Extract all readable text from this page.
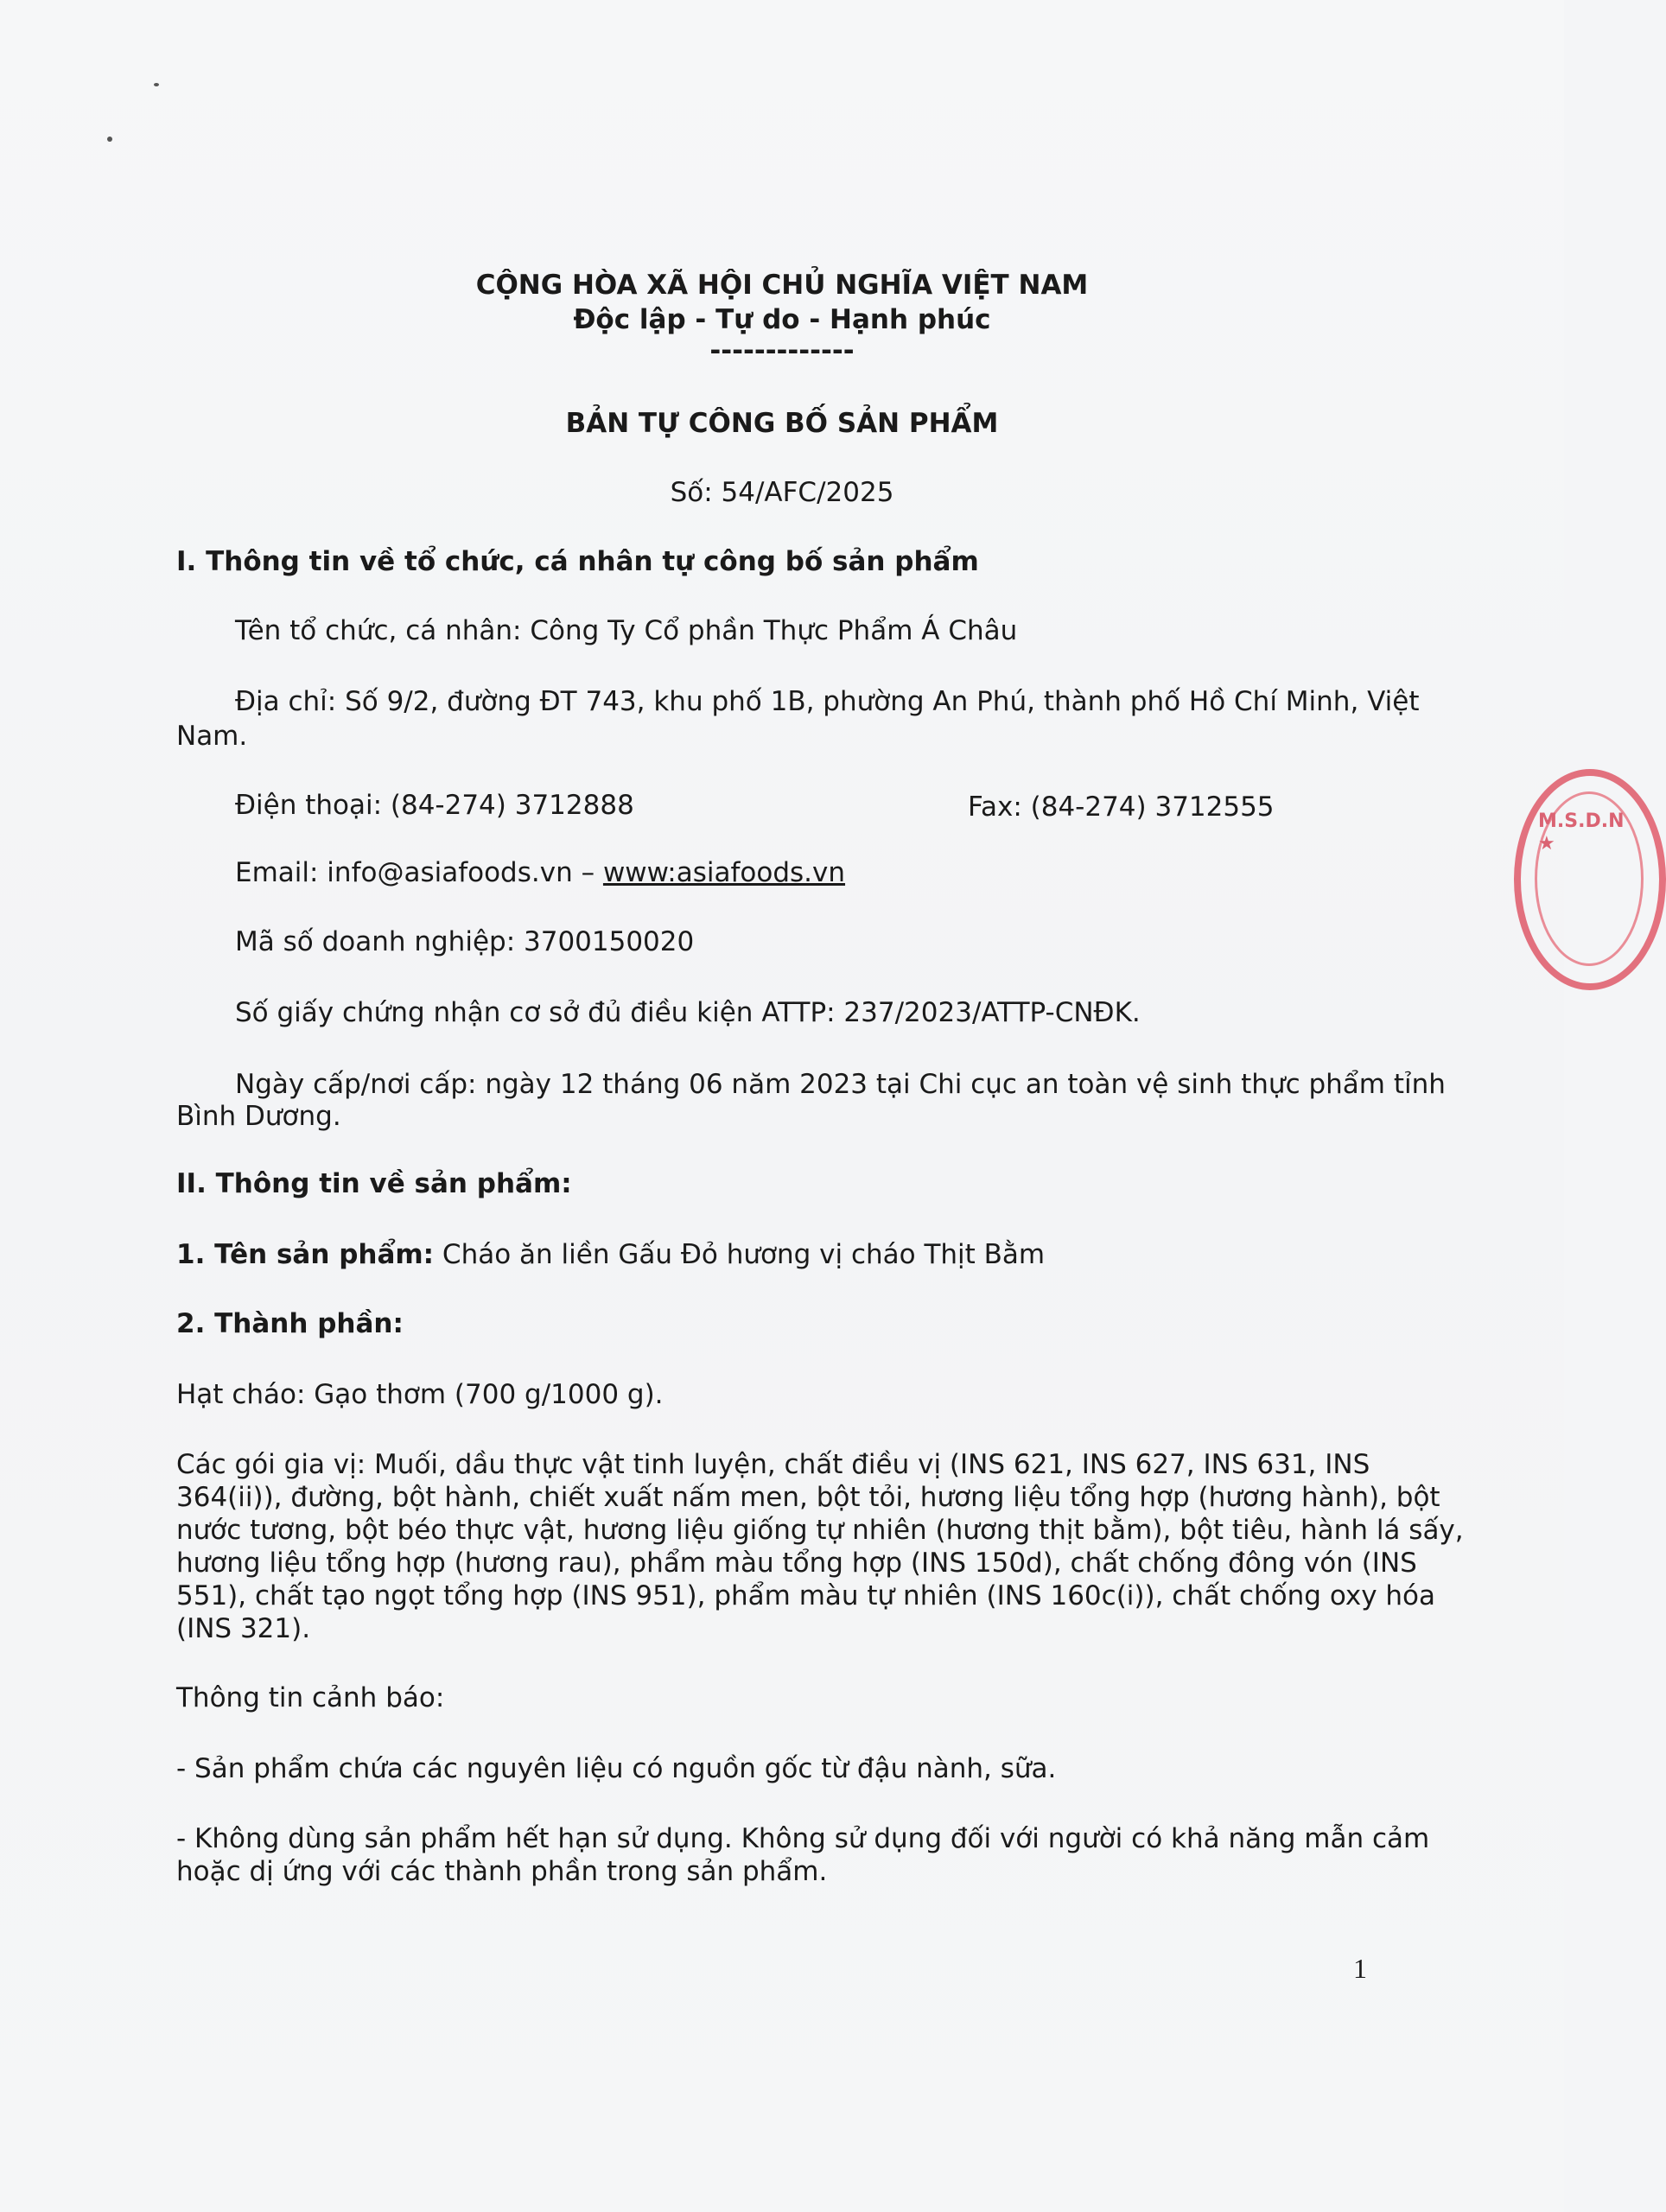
CỘNG HÒA XÃ HỘI CHỦ NGHĨA VIỆT NAM
Độc lập - Tự do - Hạnh phúc
-------------
BẢN TỰ CÔNG BỐ SẢN PHẨM
Số: 54/AFC/2025
I. Thông tin về tổ chức, cá nhân tự công bố sản phẩm
Tên tổ chức, cá nhân: Công Ty Cổ phần Thực Phẩm Á Châu
Địa chỉ: Số 9/2, đường ĐT 743, khu phố 1B, phường An Phú, thành phố Hồ Chí Minh, Việt
Nam.
Điện thoại: (84-274) 3712888	Fax: (84-274) 3712555
Email: info@asiafoods.vn – www:asiafoods.vn
Mã số doanh nghiệp: 3700150020
Số giấy chứng nhận cơ sở đủ điều kiện ATTP: 237/2023/ATTP-CNĐK.
Ngày cấp/nơi cấp: ngày 12 tháng 06 năm 2023 tại Chi cục an toàn vệ sinh thực phẩm tỉnh
Bình Dương.
II. Thông tin về sản phẩm:
1. Tên sản phẩm: Cháo ăn liền Gấu Đỏ hương vị cháo Thịt Bằm
2. Thành phần:
Hạt cháo: Gạo thơm (700 g/1000 g).
Các gói gia vị: Muối, dầu thực vật tinh luyện, chất điều vị (INS 621, INS 627, INS 631, INS
364(ii)), đường, bột hành, chiết xuất nấm men, bột tỏi, hương liệu tổng hợp (hương hành), bột
nước tương, bột béo thực vật, hương liệu giống tự nhiên (hương thịt bằm), bột tiêu, hành lá sấy,
hương liệu tổng hợp (hương rau), phẩm màu tổng hợp (INS 150d), chất chống đông vón (INS
551), chất tạo ngọt tổng hợp (INS 951), phẩm màu tự nhiên (INS 160c(i)), chất chống oxy hóa
(INS 321).
Thông tin cảnh báo:
- Sản phẩm chứa các nguyên liệu có nguồn gốc từ đậu nành, sữa.
- Không dùng sản phẩm hết hạn sử dụng. Không sử dụng đối với người có khả năng mẫn cảm
hoặc dị ứng với các thành phần trong sản phẩm.
1
M.S.D.N ★
